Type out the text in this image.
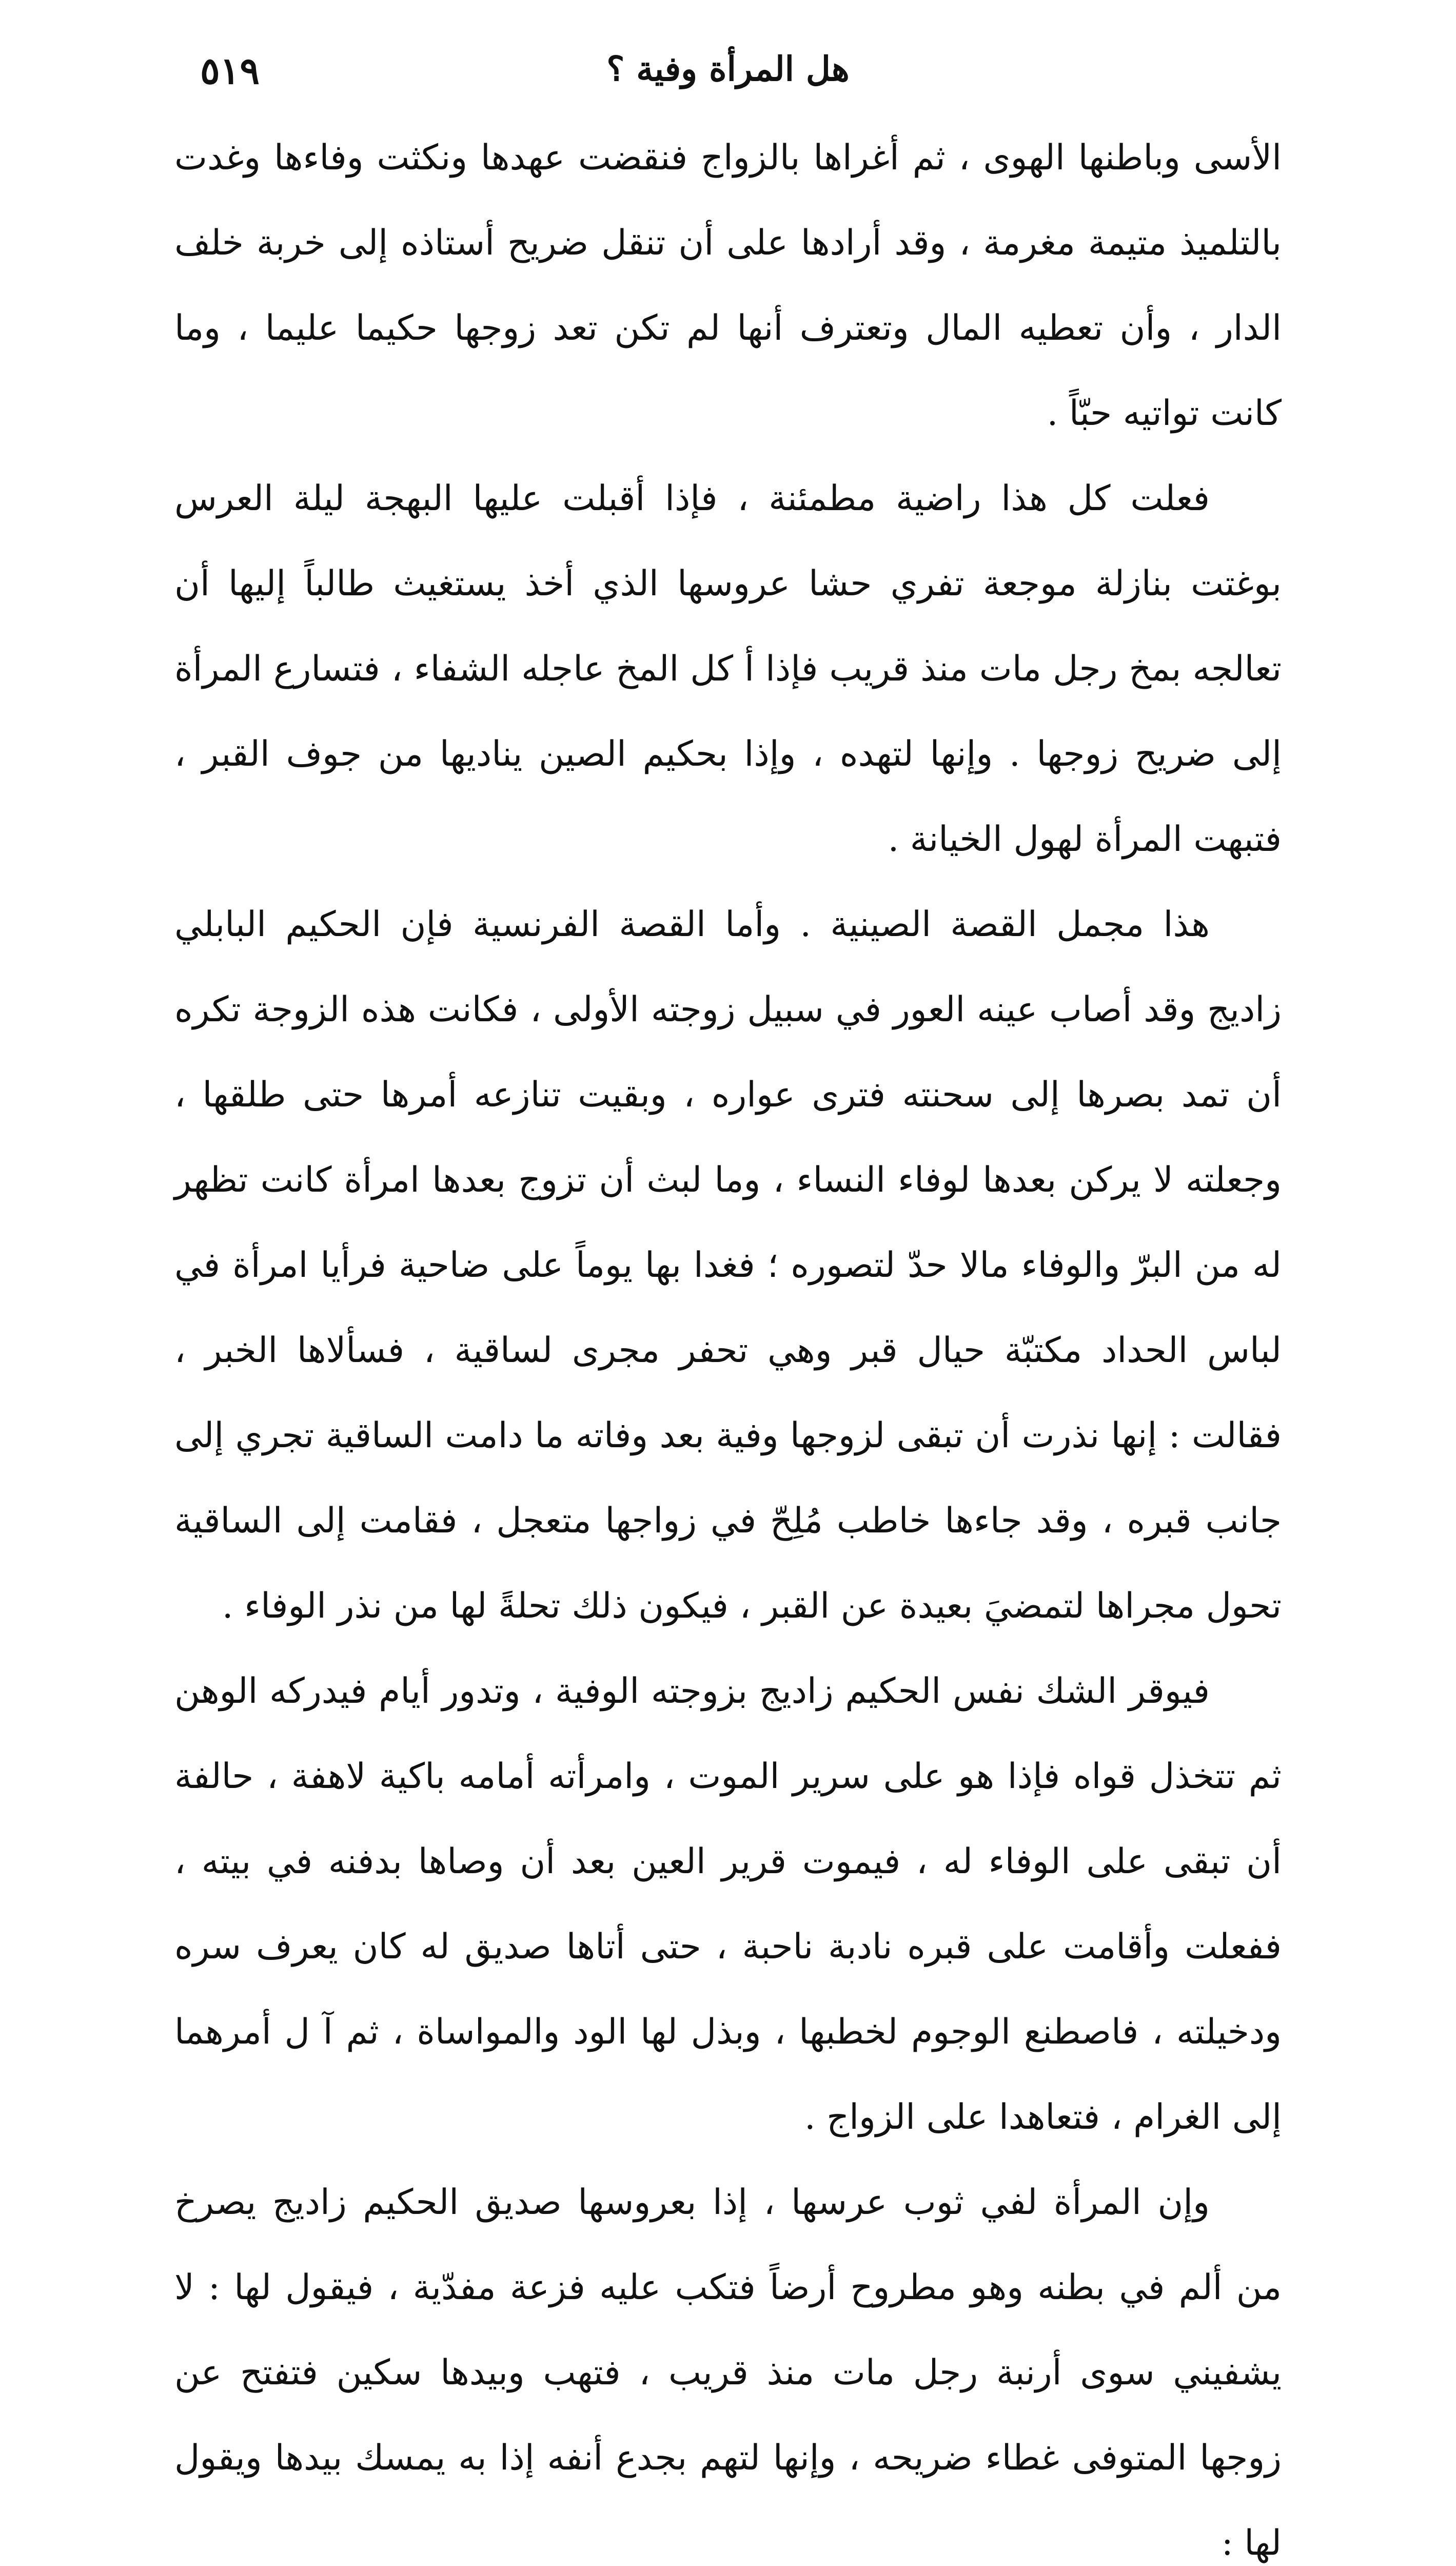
٥١٩	هل المرأة وفية ؟

الأسى وباطنها الهوى ، ثم أغراها بالزواج فنقضت عهدها ونكثت وفاءها وغدت بالتلميذ متيمة مغرمة ، وقد أرادها على أن تنقل ضريح أستاذه إلى خربة خلف الدار ، وأن تعطيه المال وتعترف أنها لم تكن تعد زوجها حكيما عليما ، وما كانت تواتيه حبّاً .

فعلت كل هذا راضية مطمئنة ، فإذا أقبلت عليها البهجة ليلة العرس بوغتت بنازلة موجعة تفري حشا عروسها الذي أخذ يستغيث طالباً إليها أن تعالجه بمخ رجل مات منذ قريب فإذا أ كل المخ عاجله الشفاء ، فتسارع المرأة إلى ضريح زوجها . وإنها لتهده ، وإذا بحكيم الصين يناديها من جوف القبر ، فتبهت المرأة لهول الخيانة .

هذا مجمل القصة الصينية . وأما القصة الفرنسية فإن الحكيم البابلي زاديج وقد أصاب عينه العور في سبيل زوجته الأولى ، فكانت هذه الزوجة تكره أن تمد بصرها إلى سحنته فترى عواره ، وبقيت تنازعه أمرها حتى طلقها ، وجعلته لا يركن بعدها لوفاء النساء ، وما لبث أن تزوج بعدها امرأة كانت تظهر له من البرّ والوفاء مالا حدّ لتصوره ؛ فغدا بها يوماً على ضاحية فرأيا امرأة في لباس الحداد مكتبّة حيال قبر وهي تحفر مجرى لساقية ، فسألاها الخبر ، فقالت : إنها نذرت أن تبقى لزوجها وفية بعد وفاته ما دامت الساقية تجري إلى جانب قبره ، وقد جاءها خاطب مُلِحّ في زواجها متعجل ، فقامت إلى الساقية تحول مجراها لتمضيَ بعيدة عن القبر ، فيكون ذلك تحلةً لها من نذر الوفاء .

فيوقر الشك نفس الحكيم زاديج بزوجته الوفية ، وتدور أيام فيدركه الوهن ثم تتخذل قواه فإذا هو على سرير الموت ، وامرأته أمامه باكية لاهفة ، حالفة أن تبقى على الوفاء له ، فيموت قرير العين بعد أن وصاها بدفنه في بيته ، ففعلت وأقامت على قبره نادبة ناحبة ، حتى أتاها صديق له كان يعرف سره ودخيلته ، فاصطنع الوجوم لخطبها ، وبذل لها الود والمواساة ، ثم آ ل أمرهما إلى الغرام ، فتعاهدا على الزواج .

وإن المرأة لفي ثوب عرسها ، إذا بعروسها صديق الحكيم زاديج يصرخ من ألم في بطنه وهو مطروح أرضاً فتكب عليه فزعة مفدّية ، فيقول لها : لا يشفيني سوى أرنبة رجل مات منذ قريب ، فتهب وبيدها سكين فتفتح عن زوجها المتوفى غطاء ضريحه ، وإنها لتهم بجدع أنفه إذا به يمسك بيدها ويقول لها :
